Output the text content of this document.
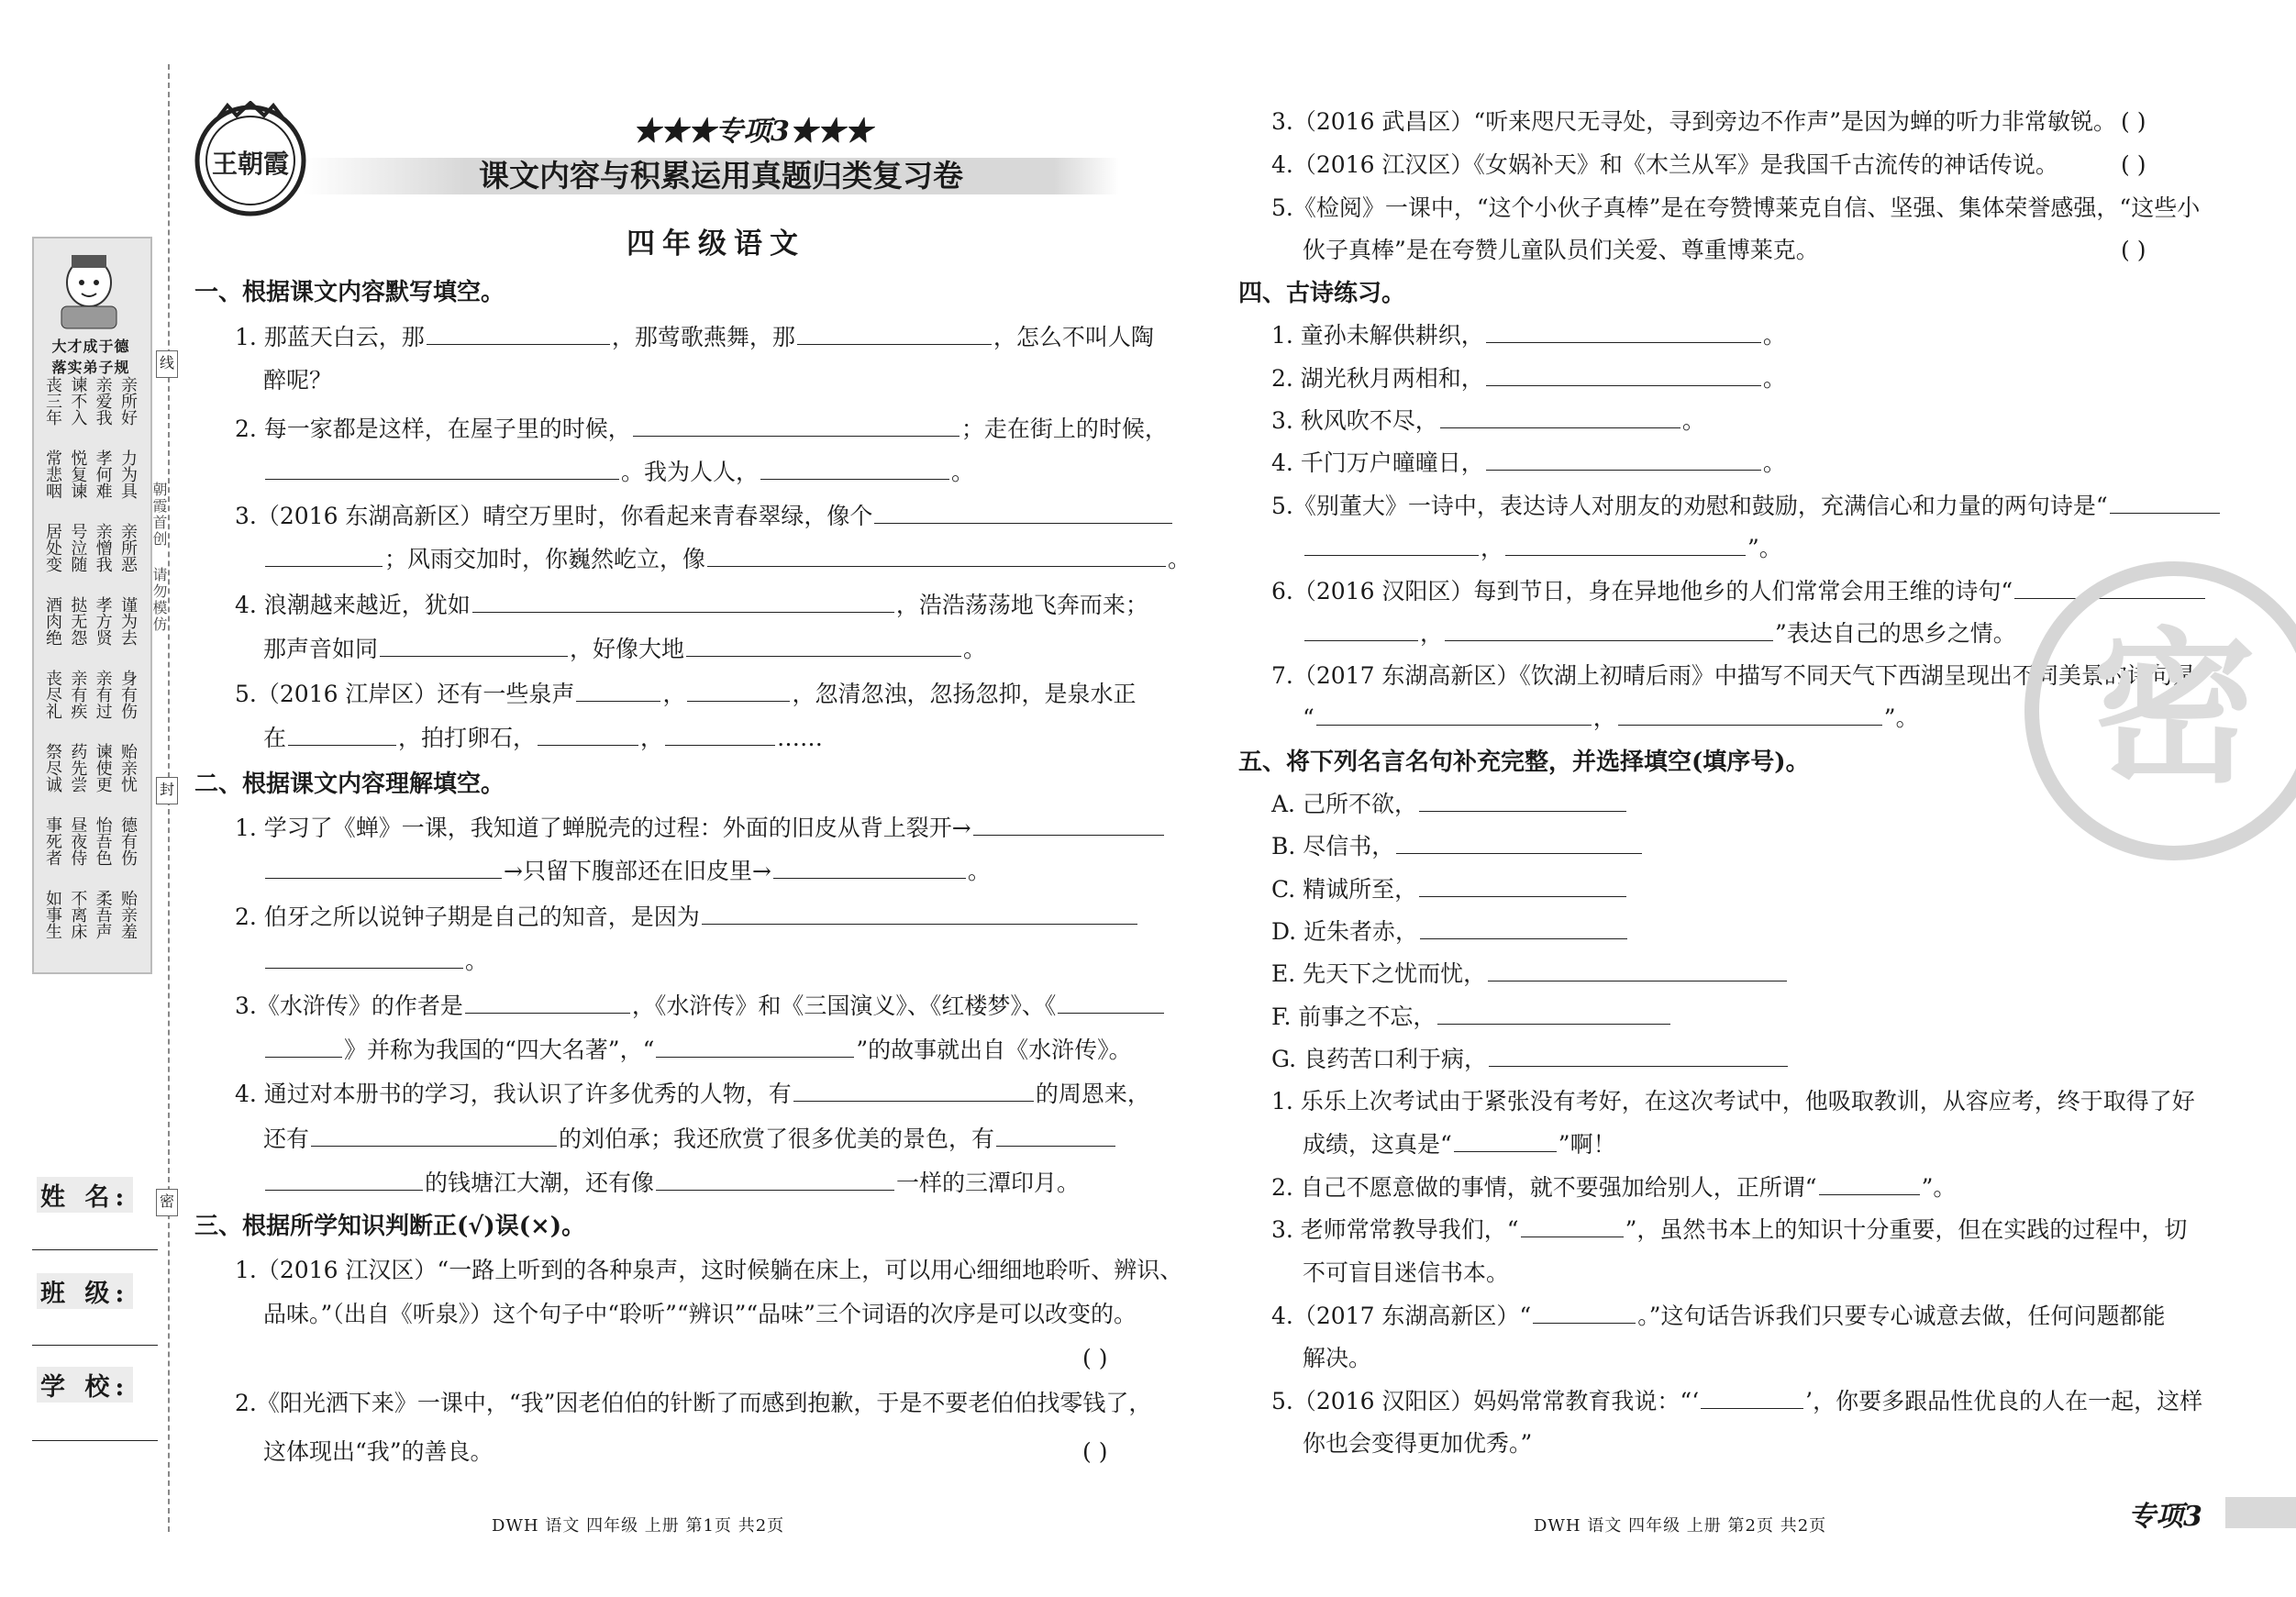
大才成于德
落实弟子规
亲所好
亲爱我
谏不入
丧三年
力为具
孝何难
悦复谏
常悲咽
亲所恶
亲憎我
号泣随
居处变
谨为去
孝方贤
挞无怨
酒肉绝
身有伤
亲有过
亲有疾
丧尽礼
贻亲忧
谏使更
药先尝
祭尽诚
德有伤
怡吾色
昼夜侍
事死者
贻亲羞
柔吾声
不离床
如事生
线
封
密
朝霞首创 请勿模仿
姓 名:
班 级:
学 校:
王朝霞
★★★专项3★★★
课文内容与积累运用真题归类复习卷
四年级语文
一、根据课文内容默写填空。
1. 那蓝天白云，那	，那莺歌燕舞，那	，怎么不叫人陶
醉呢？
2. 每一家都是这样，在屋子里的时候，	；走在街上的时候，
。我为人人，	。
3.（2016 东湖高新区）晴空万里时，你看起来青春翠绿，像个
；风雨交加时，你巍然屹立，像	。
4. 浪潮越来越近，犹如	，浩浩荡荡地飞奔而来；
那声音如同	，好像大地	。
5.（2016 江岸区）还有一些泉声	，	，忽清忽浊，忽扬忽抑，是泉水正
在	，拍打卵石，	，	……
二、根据课文内容理解填空。
1. 学习了《蝉》一课，我知道了蝉脱壳的过程：外面的旧皮从背上裂开→
→只留下腹部还在旧皮里→	。
2. 伯牙之所以说钟子期是自己的知音，是因为
。
3.《水浒传》的作者是	，《水浒传》和《三国演义》、《红楼梦》、《
》并称为我国的“四大名著”，“	”的故事就出自《水浒传》。
4. 通过对本册书的学习，我认识了许多优秀的人物，有	的周恩来，
还有	的刘伯承；我还欣赏了很多优美的景色，有
的钱塘江大潮，还有像	一样的三潭印月。
三、根据所学知识判断正(√)误(×)。
1.（2016 江汉区）“一路上听到的各种泉声，这时候躺在床上，可以用心细细地聆听、辨识、
品味。”（出自《听泉》）这个句子中“聆听”“辨识”“品味”三个词语的次序是可以改变的。
( )
2.《阳光洒下来》一课中，“我”因老伯伯的针断了而感到抱歉，于是不要老伯伯找零钱了，
这体现出“我”的善良。	( )
3.（2016 武昌区）“听来咫尺无寻处，寻到旁边不作声”是因为蝉的听力非常敏锐。 ( )
4.（2016 江汉区）《女娲补天》和《木兰从军》是我国千古流传的神话传说。	( )
5.《检阅》一课中，“这个小伙子真棒”是在夸赞博莱克自信、坚强、集体荣誉感强，“这些小
伙子真棒”是在夸赞儿童队员们关爱、尊重博莱克。	( )
四、古诗练习。
1. 童孙未解供耕织，	。
2. 湖光秋月两相和，	。
3. 秋风吹不尽，	。
4. 千门万户曈曈日，	。
5.《别董大》一诗中，表达诗人对朋友的劝慰和鼓励，充满信心和力量的两句诗是“
，	”。
6.（2016 汉阳区）每到节日，身在异地他乡的人们常常会用王维的诗句“
，	”表达自己的思乡之情。
7.（2017 东湖高新区）《饮湖上初晴后雨》中描写不同天气下西湖呈现出不同美景的诗句是
“	，	”。
五、将下列名言名句补充完整，并选择填空(填序号)。
A. 己所不欲，
B. 尽信书，
C. 精诚所至，
D. 近朱者赤，
E. 先天下之忧而忧，
F. 前事之不忘，
G. 良药苦口利于病，
1. 乐乐上次考试由于紧张没有考好，在这次考试中，他吸取教训，从容应考，终于取得了好
成绩，这真是“	”啊！
2. 自己不愿意做的事情，就不要强加给别人，正所谓“	”。
3. 老师常常教导我们，“	”，虽然书本上的知识十分重要，但在实践的过程中，切
不可盲目迷信书本。
4.（2017 东湖高新区）“	。”这句话告诉我们只要专心诚意去做，任何问题都能
解决。
5.（2016 汉阳区）妈妈常常教育我说：“‘	’，你要多跟品性优良的人在一起，这样
你也会变得更加优秀。”
密
DWH 语文 四年级 上册 第1页 共2页	DWH 语文 四年级 上册 第2页 共2页	专项3
